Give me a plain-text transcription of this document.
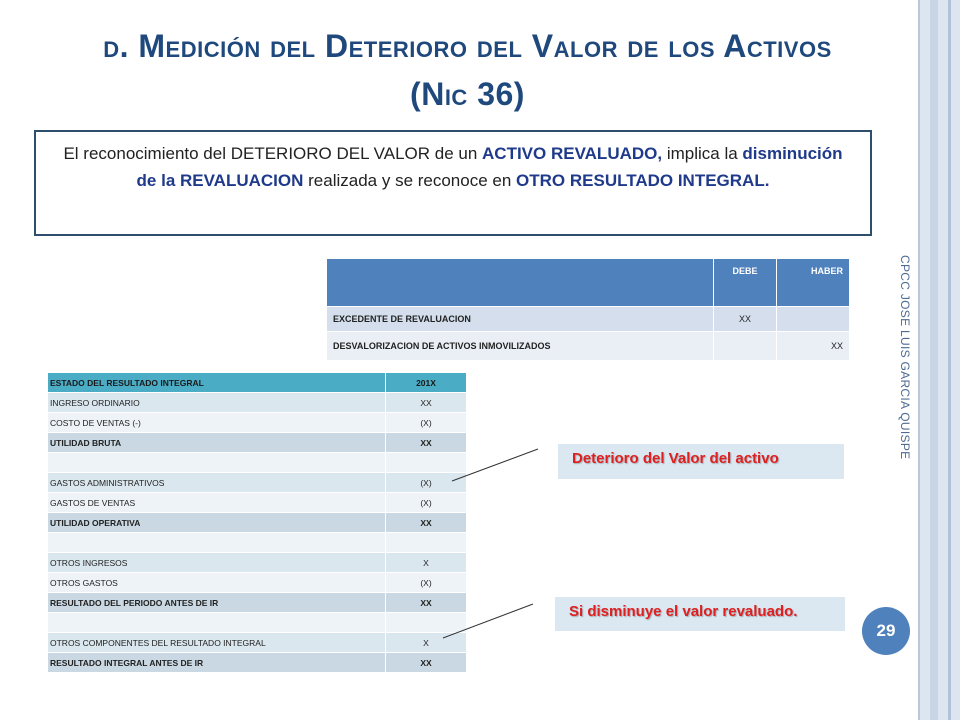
d. Medición del Deterioro del Valor de los Activos
(Nic 36)
El reconocimiento del DETERIORO DEL VALOR de un ACTIVO REVALUADO, implica la disminución de la REVALUACION realizada y se reconoce en OTRO RESULTADO INTEGRAL.
CPCC JOSE LUIS GARCIA QUISPE
	DEBE	HABER
EXCEDENTE DE REVALUACION	XX	
DESVALORIZACION DE ACTIVOS INMOVILIZADOS		XX
ESTADO DEL RESULTADO INTEGRAL	201X
INGRESO ORDINARIO	XX
COSTO DE VENTAS (-)	(X)
UTILIDAD BRUTA	XX

GASTOS ADMINISTRATIVOS	(X)
GASTOS DE VENTAS	(X)
UTILIDAD OPERATIVA	XX

OTROS INGRESOS	X
OTROS GASTOS	(X)
RESULTADO DEL PERIODO ANTES DE IR	XX

OTROS COMPONENTES DEL RESULTADO INTEGRAL	X
RESULTADO INTEGRAL ANTES DE IR	XX
Deterioro del Valor del activo
Si disminuye el valor revaluado.
29
